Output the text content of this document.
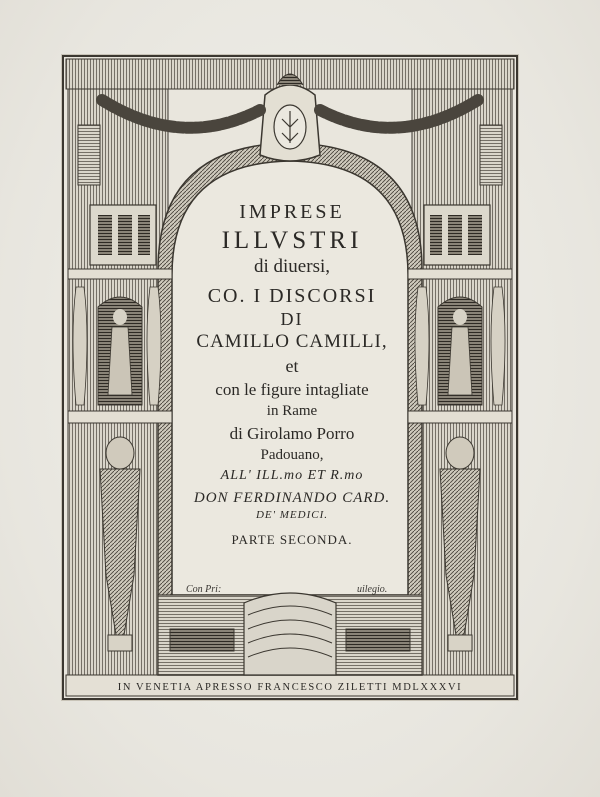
IMPRESE
ILLVSTRI
di diuersi,
CO. I DISCORSI
DI
CAMILLO CAMILLI,
et
con le figure intagliate
in Rame
di Girolamo Porro
Padouano,
ALL' ILL.mo ET R.mo
DON FERDINANDO CARD.
DE' MEDICI.
PARTE SECONDA.
Con Pri:	uilegio.
IN VENETIA APRESSO FRANCESCO ZILETTI MDLXXXVI
